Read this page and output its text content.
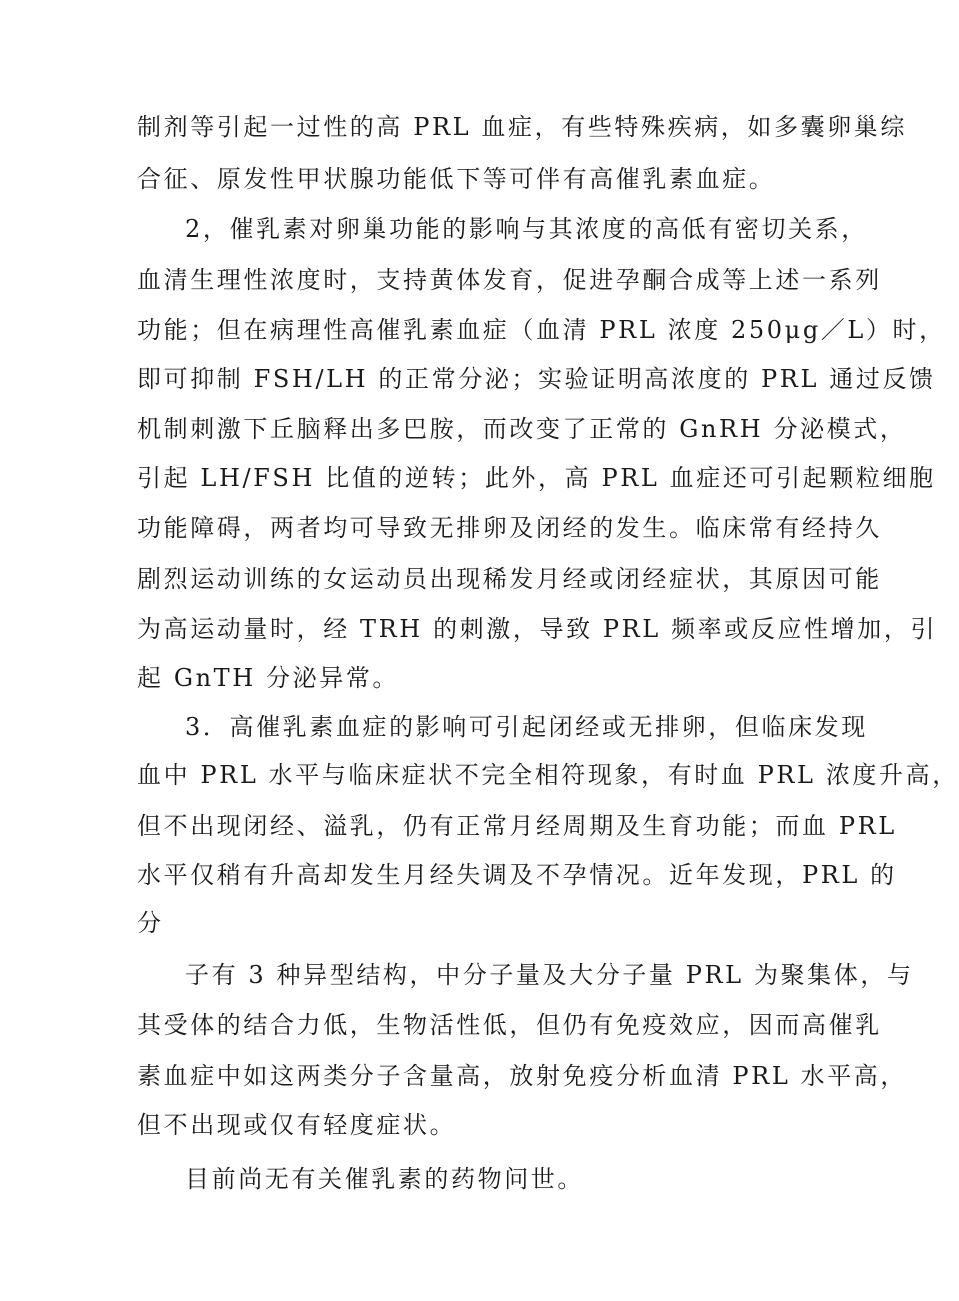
制剂等引起一过性的高 PRL 血症，有些特殊疾病，如多囊卵巢综
合征、原发性甲状腺功能低下等可伴有高催乳素血症。
2，催乳素对卵巢功能的影响与其浓度的高低有密切关系，
血清生理性浓度时，支持黄体发育，促进孕酮合成等上述一系列
功能；但在病理性高催乳素血症（血清 PRL 浓度 250μg／L）时，
即可抑制 FSH/LH 的正常分泌；实验证明高浓度的 PRL 通过反馈
机制刺激下丘脑释出多巴胺，而改变了正常的 GnRH 分泌模式，
引起 LH/FSH 比值的逆转；此外，高 PRL 血症还可引起颗粒细胞
功能障碍，两者均可导致无排卵及闭经的发生。临床常有经持久
剧烈运动训练的女运动员出现稀发月经或闭经症状，其原因可能
为高运动量时，经 TRH 的刺激，导致 PRL 频率或反应性增加，引
起 GnTH 分泌异常。
3．高催乳素血症的影响可引起闭经或无排卵，但临床发现
血中 PRL 水平与临床症状不完全相符现象，有时血 PRL 浓度升高，
但不出现闭经、溢乳，仍有正常月经周期及生育功能；而血 PRL
水平仅稍有升高却发生月经失调及不孕情况。近年发现，PRL 的
分
子有 3 种异型结构，中分子量及大分子量 PRL 为聚集体，与
其受体的结合力低，生物活性低，但仍有免疫效应，因而高催乳
素血症中如这两类分子含量高，放射免疫分析血清 PRL 水平高，
但不出现或仅有轻度症状。
目前尚无有关催乳素的药物问世。
